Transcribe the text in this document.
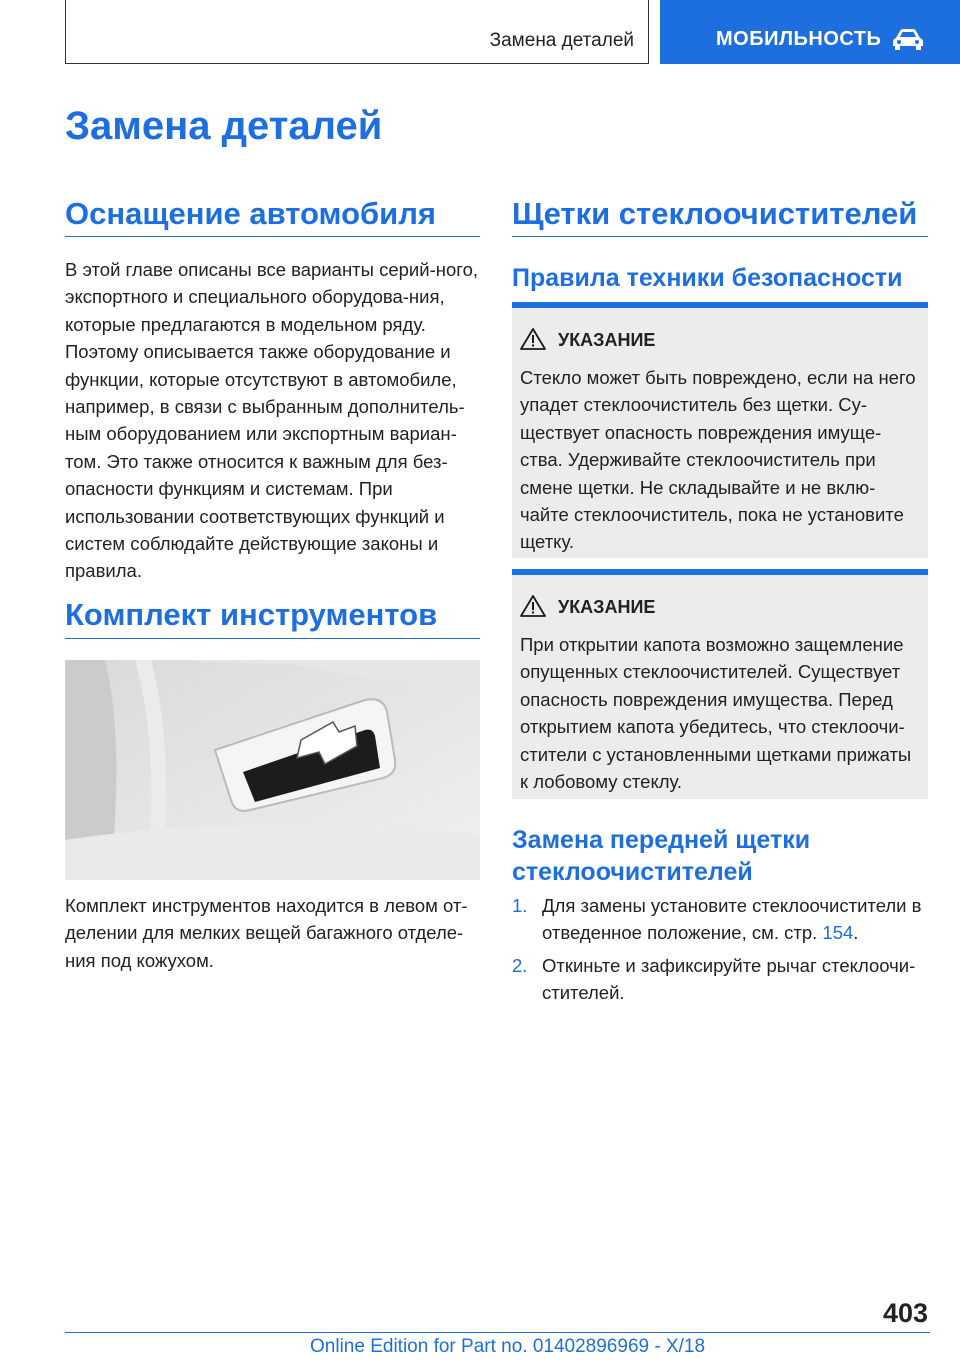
Замена деталей	МОБИЛЬНОСТЬ
Замена деталей
Оснащение автомобиля

В этой главе описаны все варианты серий-ного, экспортного и специального оборудова-ния, которые предлагаются в модельном ряду. Поэтому описывается также оборудование и функции, которые отсутствуют в автомобиле, например, в связи с выбранным дополнитель-ным оборудованием или экспортным вариан-том. Это также относится к важным для без-опасности функциям и системам. При использовании соответствующих функций и систем соблюдайте действующие законы и правила.

Комплект инструментов

Комплект инструментов находится в левом от-делении для мелких вещей багажного отделе-ния под кожухом.

Щетки стеклоочистителей
Правила техники безопасности
УКАЗАНИЕ

Стекло может быть повреждено, если на него упадет стеклоочиститель без щетки. Су-ществует опасность повреждения имуще-ства. Удерживайте стеклоочиститель при смене щетки. Не складывайте и не вклю-чайте стеклоочиститель, пока не установите щетку.

УКАЗАНИЕ

При открытии капота возможно защемление опущенных стеклоочистителей. Существует опасность повреждения имущества. Перед открытием капота убедитесь, что стеклоочи-стители с установленными щетками прижаты к лобовому стеклу.

Замена передней щетки стеклоочистителей
1. Для замены установите стеклоочистители в отведенное положение, см. стр. 154.
2. Откиньте и зафиксируйте рычаг стеклоочи-стителей.
403
Online Edition for Part no. 01402896969 - X/18
